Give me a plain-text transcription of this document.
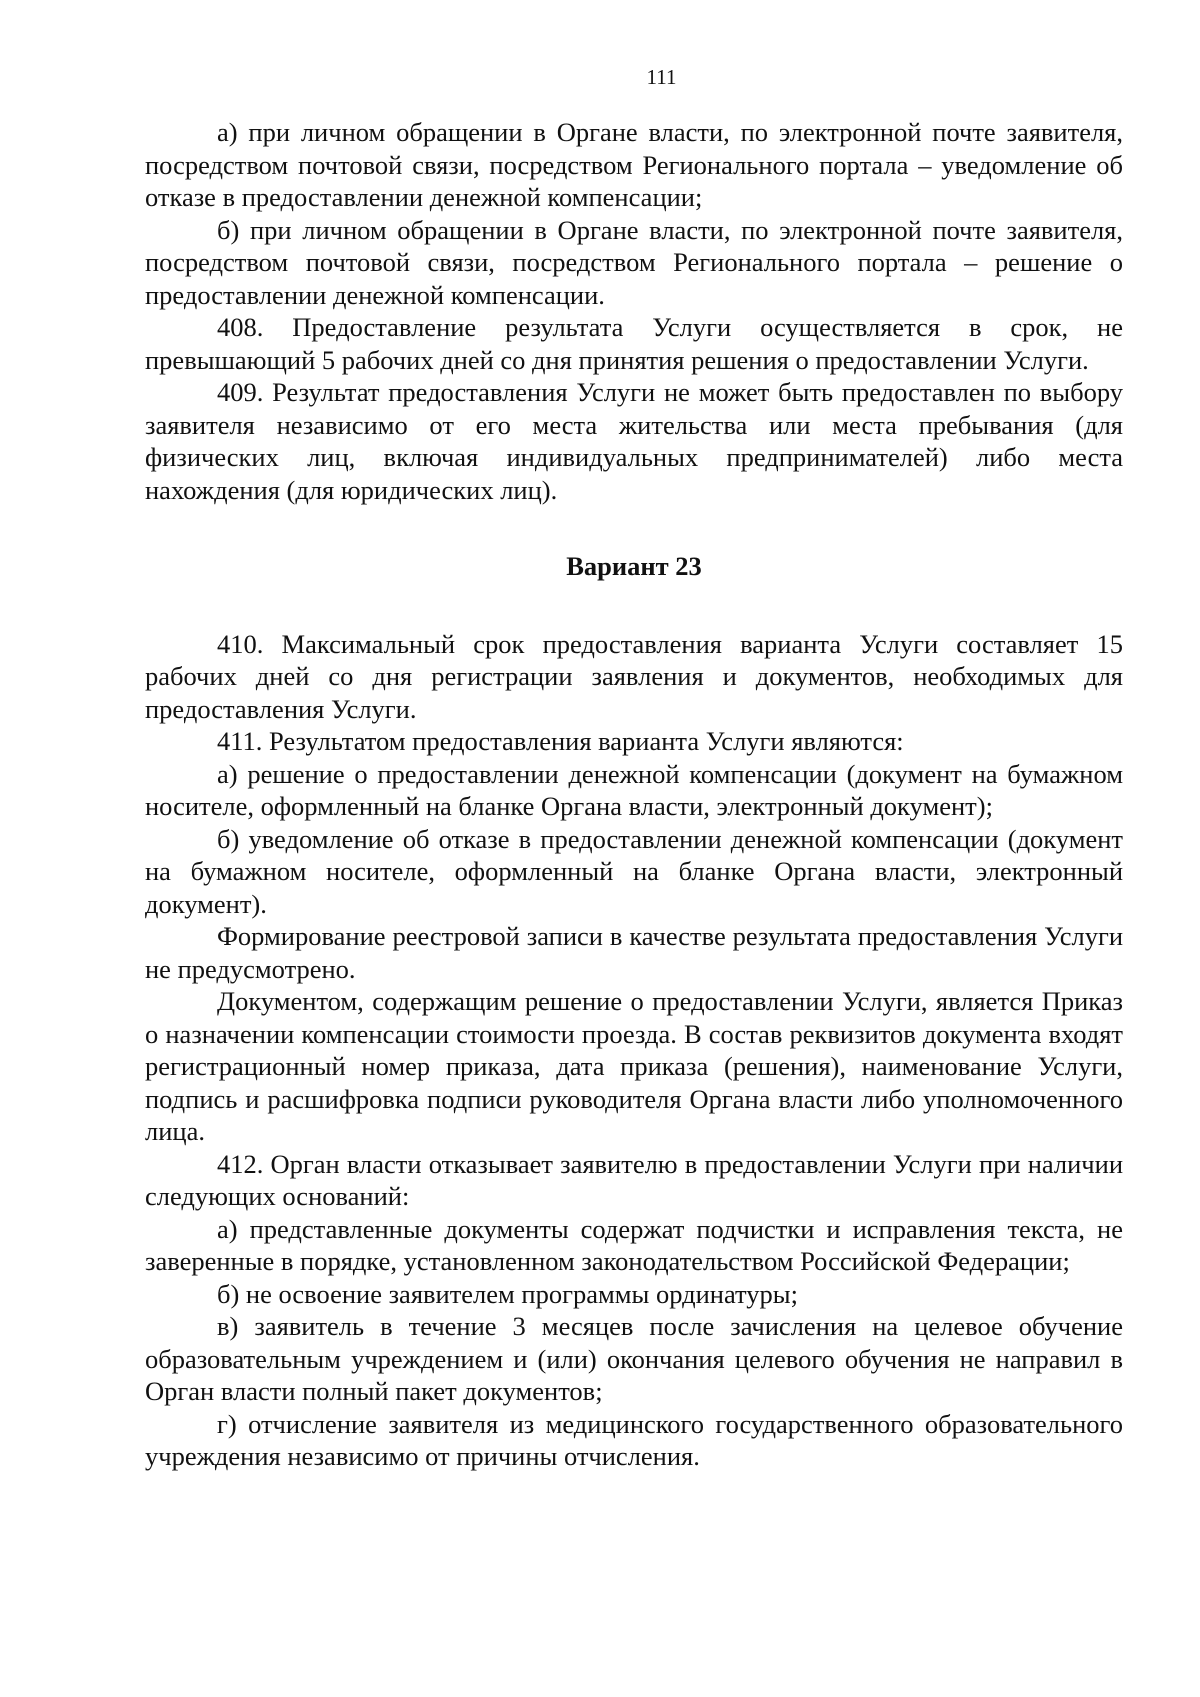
111

а) при личном обращении в Органе власти, по электронной почте заявителя, посредством почтовой связи, посредством Регионального портала – уведомление об отказе в предоставлении денежной компенсации;

б) при личном обращении в Органе власти, по электронной почте заявителя, посредством почтовой связи, посредством Регионального портала – решение о предоставлении денежной компенсации.

408. Предоставление результата Услуги осуществляется в срок, не превышающий 5 рабочих дней со дня принятия решения о предоставлении Услуги.

409. Результат предоставления Услуги не может быть предоставлен по выбору заявителя независимо от его места жительства или места пребывания (для физических лиц, включая индивидуальных предпринимателей) либо места нахождения (для юридических лиц).

Вариант 23

410. Максимальный срок предоставления варианта Услуги составляет 15 рабочих дней со дня регистрации заявления и документов, необходимых для предоставления Услуги.

411. Результатом предоставления варианта Услуги являются:

а) решение о предоставлении денежной компенсации (документ на бумажном носителе, оформленный на бланке Органа власти, электронный документ);

б) уведомление об отказе в предоставлении денежной компенсации (документ на бумажном носителе, оформленный на бланке Органа власти, электронный документ).

Формирование реестровой записи в качестве результата предоставления Услуги не предусмотрено.

Документом, содержащим решение о предоставлении Услуги, является Приказ о назначении компенсации стоимости проезда. В состав реквизитов документа входят регистрационный номер приказа, дата приказа (решения), наименование Услуги, подпись и расшифровка подписи руководителя Органа власти либо уполномоченного лица.

412. Орган власти отказывает заявителю в предоставлении Услуги при наличии следующих оснований:

а) представленные документы содержат подчистки и исправления текста, не заверенные в порядке, установленном законодательством Российской Федерации;

б) не освоение заявителем программы ординатуры;

в) заявитель в течение 3 месяцев после зачисления на целевое обучение образовательным учреждением и (или) окончания целевого обучения не направил в Орган власти полный пакет документов;

г) отчисление заявителя из медицинского государственного образовательного учреждения независимо от причины отчисления.
